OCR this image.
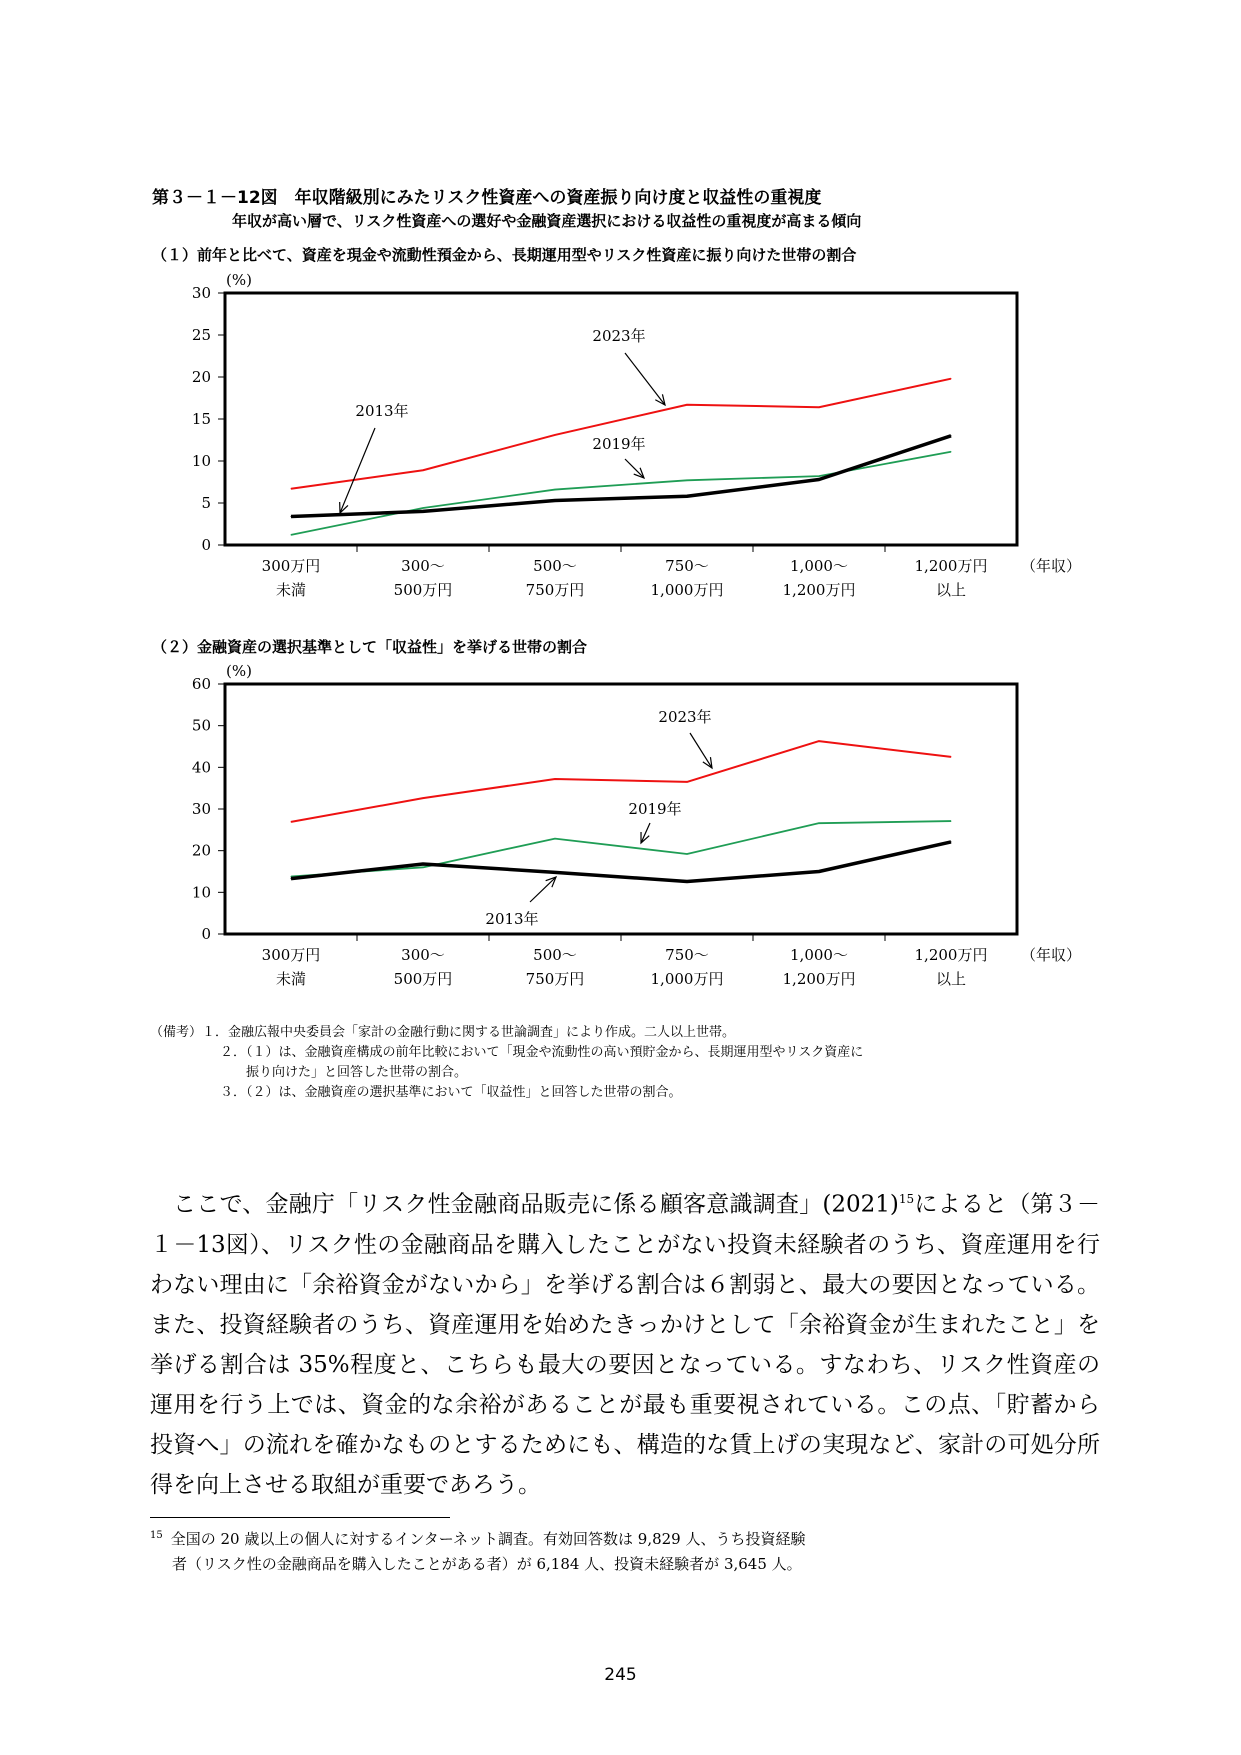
第３－１－12図　年収階級別にみたリスク性資産への資産振り向け度と収益性の重視度
年収が高い層で、リスク性資産への選好や金融資産選択における収益性の重視度が高まる傾向
（１）前年と比べて、資産を現金や流動性預金から、長期運用型やリスク性資産に振り向けた世帯の割合
0
5
10
15
20
25
30
(%)
300万円
未満
300～
500万円
500～
750万円
750～
1,000万円
1,000～
1,200万円
1,200万円
以上
（年収）
2023年
2019年
2013年
（２）金融資産の選択基準として「収益性」を挙げる世帯の割合
0
10
20
30
40
50
60
(%)
300万円
未満
300～
500万円
500～
750万円
750～
1,000万円
1,000～
1,200万円
1,200万円
以上
（年収）
2023年
2019年
2013年
（備考）１．金融広報中央委員会「家計の金融行動に関する世論調査」により作成。二人以上世帯。
２．（１）は、金融資産構成の前年比較において「現金や流動性の高い預貯金から、長期運用型やリスク資産に
振り向けた」と回答した世帯の割合。
３．（２）は、金融資産の選択基準において「収益性」と回答した世帯の割合。

ここで、金融庁「リスク性金融商品販売に係る顧客意識調査」$(2021)^{15}$によると（第３－１－13図）、リスク性の金融商品を購入したことがない投資未経験者のうち、資産運用を行わない理由に「余裕資金がないから」を挙げる割合は６割弱と、最大の要因となっている。また、投資経験者のうち、資産運用を始めたきっかけとして「余裕資金が生まれたこと」を挙げる割合は 35%程度と、こちらも最大の要因となっている。すなわち、リスク性資産の運用を行う上では、資金的な余裕があることが最も重要視されている。この点、「貯蓄から投資へ」の流れを確かなものとするためにも、構造的な賃上げの実現など、家計の可処分所得を向上させる取組が重要であろう。

$^{15}$ 全国の 20 歳以上の個人に対するインターネット調査。有効回答数は 9,829 人、うち投資経験
者（リスク性の金融商品を購入したことがある者）が 6,184 人、投資未経験者が 3,645 人。
245
